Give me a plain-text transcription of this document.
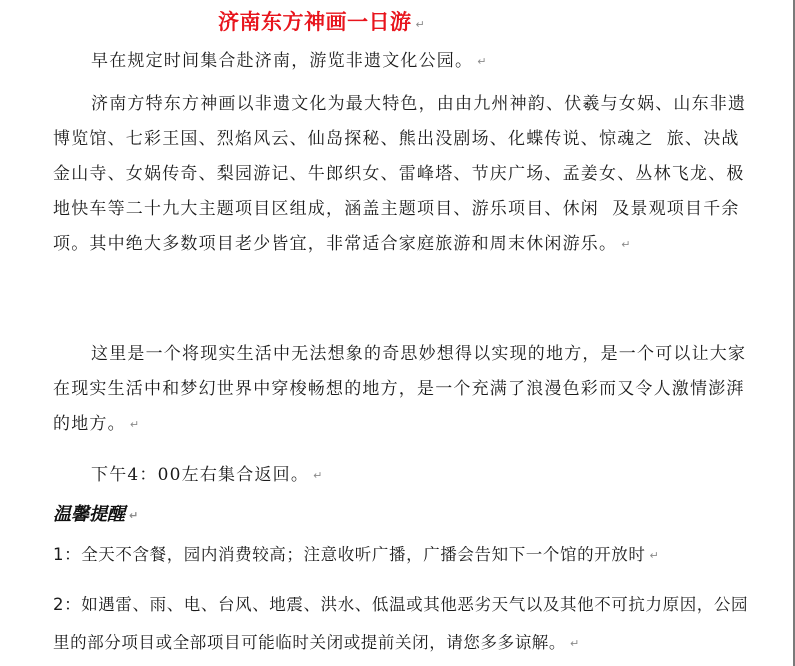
济南东方神画一日游 ↵
早在规定时间集合赴济南，游览非遗文化公园。 ↵
济南方特东方神画以非遗文化为最大特色，由由九州神韵、伏羲与女娲、山东非遗博览馆、七彩王国、烈焰风云、仙岛探秘、熊出没剧场、化蝶传说、惊魂之  旅、决战金山寺、女娲传奇、梨园游记、牛郎织女、雷峰塔、节庆广场、孟姜女、丛林飞龙、极地快车等二十九大主题项目区组成，涵盖主题项目、游乐项目、休闲  及景观项目千余项。其中绝大多数项目老少皆宜，非常适合家庭旅游和周末休闲游乐。 ↵
这里是一个将现实生活中无法想象的奇思妙想得以实现的地方，是一个可以让大家在现实生活中和梦幻世界中穿梭畅想的地方，是一个充满了浪漫色彩而又令人激情澎湃的地方。 ↵
下午4：00左右集合返回。 ↵
温馨提醒 ↵
1：全天不含餐，园内消费较高；注意收听广播，广播会告知下一个馆的开放时 ↵
2：如遇雷、雨、电、台风、地震、洪水、低温或其他恶劣天气以及其他不可抗力原因，公园里的部分项目或全部项目可能临时关闭或提前关闭，请您多多谅解。 ↵
